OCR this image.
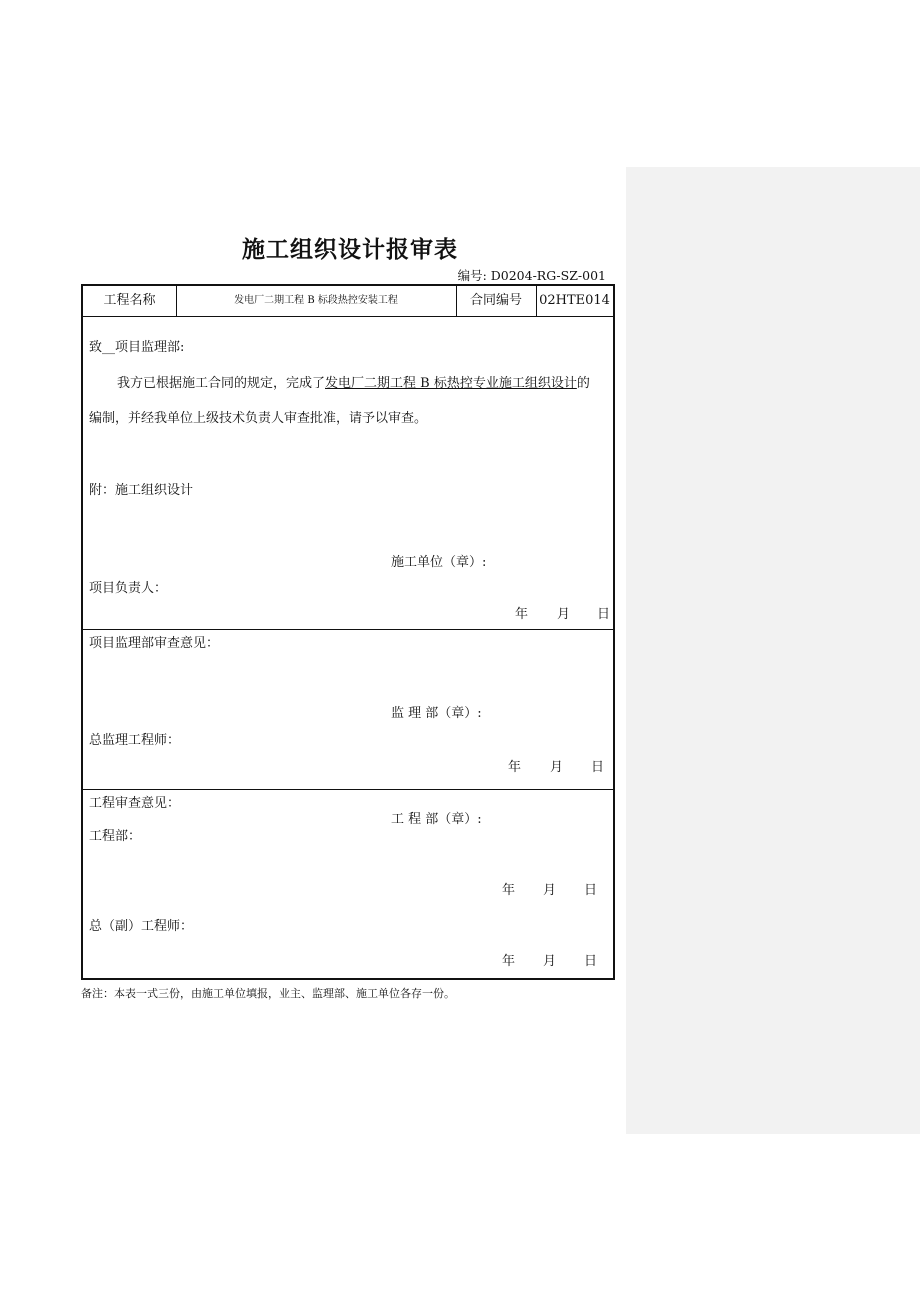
施工组织设计报审表
编号: D0204-RG-SZ-001
工程名称	发电厂二期工程 B 标段热控安装工程	合同编号	02HTE014
致__项目监理部:
我方已根据施工合同的规定，完成了发电厂二期工程 B 标热控专业施工组织设计的
编制，并经我单位上级技术负责人审查批准，请予以审查。
附：施工组织设计
施工单位（章）:
项目负责人：
年 月 日
项目监理部审查意见：
监 理 部（章）:
总监理工程师：
年 月 日
工程审查意见：
工 程 部（章）:
工程部：
年 月 日
总（副）工程师：
年 月 日
备注：本表一式三份，由施工单位填报，业主、监理部、施工单位各存一份。
